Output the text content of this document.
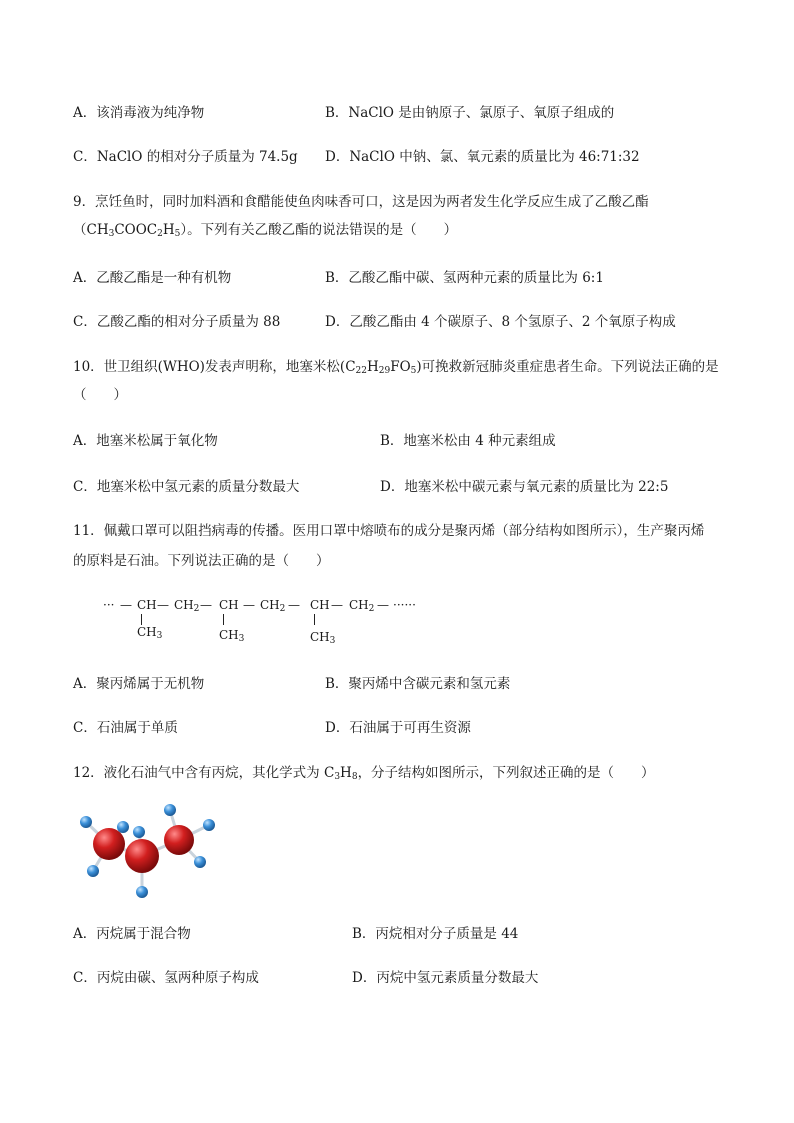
A．该消毒液为纯净物	B．NaClO 是由钠原子、氯原子、氧原子组成的
C．NaClO 的相对分子质量为 74.5g D．NaClO 中钠、氯、氧元素的质量比为 46:71:32
9．烹饪鱼时，同时加料酒和食醋能使鱼肉味香可口，这是因为两者发生化学反应生成了乙酸乙酯
$(CH_3COOC_2H_5)$。下列有关乙酸乙酯的说法错误的是（　　）
A．乙酸乙酯是一种有机物	B．乙酸乙酯中碳、氢两种元素的质量比为 6:1
C．乙酸乙酯的相对分子质量为 88	D．乙酸乙酯由 4 个碳原子、8 个氢原子、2 个氧原子构成
10．世卫组织(WHO)发表声明称，地塞米松$(C_{22}H_{29}FO_5)$可挽救新冠肺炎重症患者生命。下列说法正确的是
（　　）
A．地塞米松属于氧化物	B．地塞米松由 4 种元素组成
C．地塞米松中氢元素的质量分数最大	D．地塞米松中碳元素与氧元素的质量比为 22:5
11．佩戴口罩可以阻挡病毒的传播。医用口罩中熔喷布的成分是聚丙烯（部分结构如图所示），生产聚丙烯
的原料是石油。下列说法正确的是（　　）
··· — CH — $CH_2$ — CH — $CH_2$ — CH — $CH_2$ — ······
$CH_3$	$CH_3$	$CH_3$
A．聚丙烯属于无机物	B．聚丙烯中含碳元素和氢元素
C．石油属于单质	D．石油属于可再生资源
12．液化石油气中含有丙烷，其化学式为 $C_3H_8$，分子结构如图所示，下列叙述正确的是（　　）
A．丙烷属于混合物	B．丙烷相对分子质量是 44
C．丙烷由碳、氢两种原子构成	D．丙烷中氢元素质量分数最大
